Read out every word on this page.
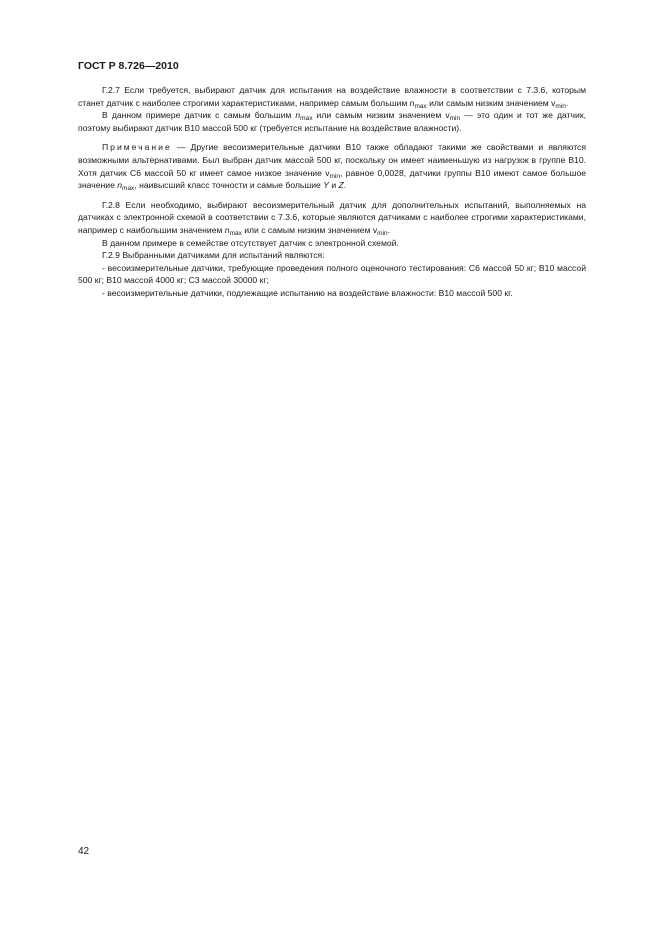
ГОСТ Р 8.726—2010

Г.2.7 Если требуется, выбирают датчик для испытания на воздействие влажности в соответствии с 7.3.6, которым станет датчик с наиболее строгими характеристиками, например самым большим $n_{max}$ или самым низким значением $v_{min}$.

В данном примере датчик с самым большим $n_{max}$ или самым низким значением $v_{min}$ — это один и тот же датчик, поэтому выбирают датчик В10 массой 500 кг (требуется испытание на воздействие влажности).

Примечание — Другие весоизмерительные датчики В10 также обладают такими же свойствами и являются возможными альтернативами. Был выбран датчик массой 500 кг, поскольку он имеет наименьшую из нагрузок в группе В10. Хотя датчик С6 массой 50 кг имеет самое низкое значение $v_{min}$, равное 0,0028, датчики группы В10 имеют самое большое значение $n_{max}$, наивысший класс точности и самые большие Y и Z.

Г.2.8 Если необходимо, выбирают весоизмерительный датчик для дополнительных испытаний, выполняемых на датчиках с электронной схемой в соответствии с 7.3.6, которые являются датчиками с наиболее строгими характеристиками, например с наибольшим значением $n_{max}$ или с самым низким значением $v_{min}$.

В данном примере в семействе отсутствует датчик с электронной схемой.

Г.2.9 Выбранными датчиками для испытаний являются:

- весоизмерительные датчики, требующие проведения полного оценочного тестирования: С6 массой 50 кг; В10 массой 500 кг; В10 массой 4000 кг; С3 массой 30000 кг;

- весоизмерительные датчики, подлежащие испытанию на воздействие влажности: В10 массой 500 кг.

42
